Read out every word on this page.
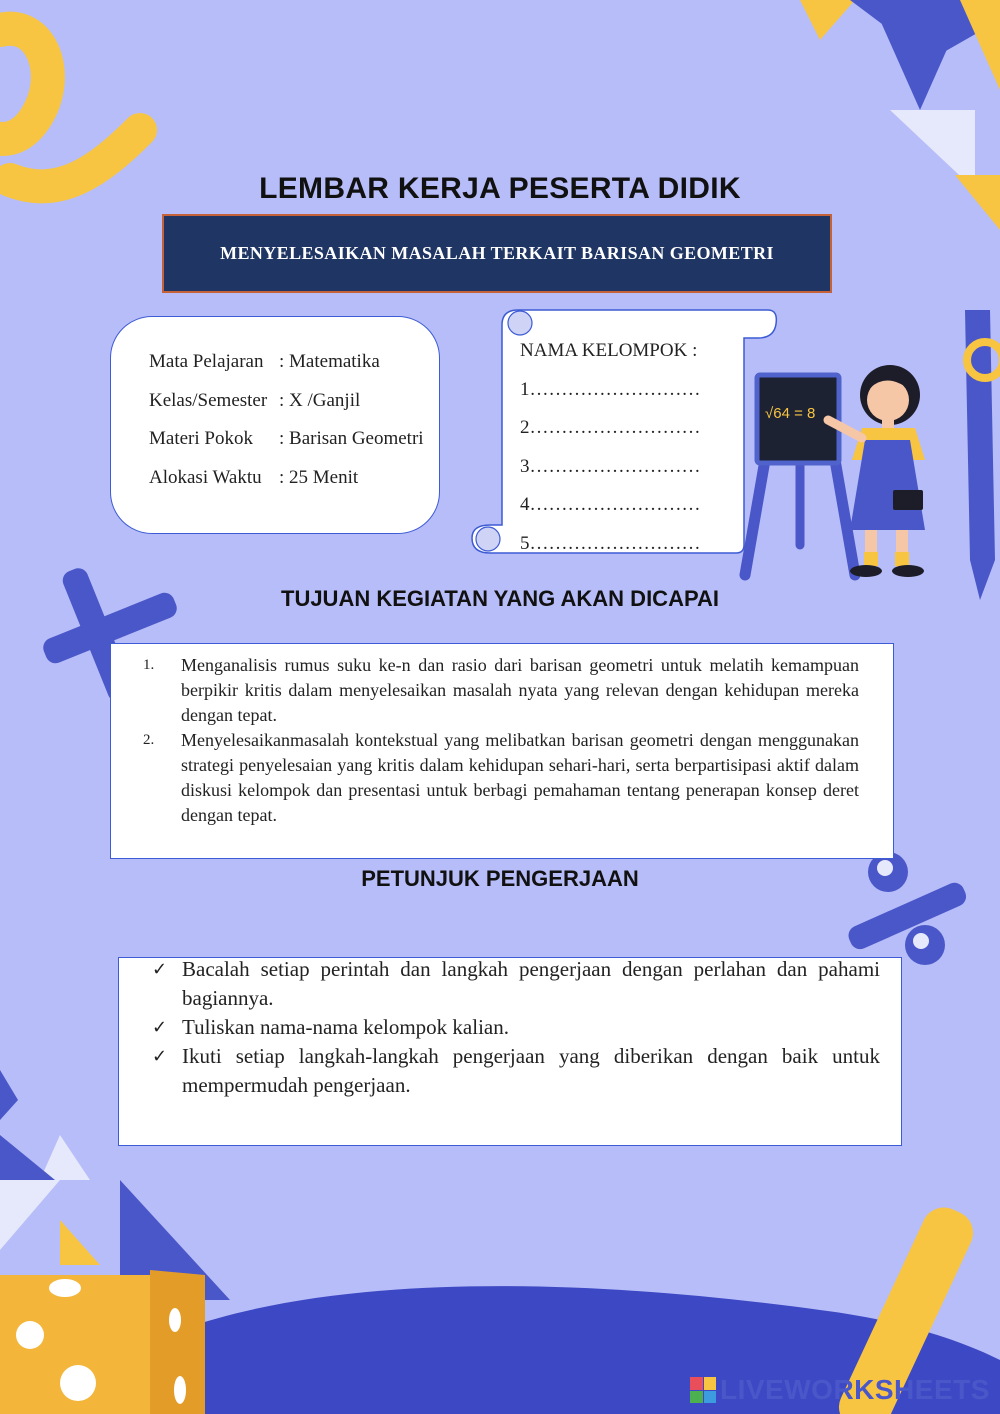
√64 = 8
LEMBAR KERJA PESERTA DIDIK
MENYELESAIKAN MASALAH TERKAIT BARISAN GEOMETRI
Mata Pelajaran : Matematika
Kelas/Semester : X /Ganjil
Materi Pokok : Barisan Geometri
Alokasi Waktu : 25 Menit
NAMA KELOMPOK :
1………………………
2………………………
3………………………
4………………………
5………………………
TUJUAN KEGIATAN YANG AKAN DICAPAI
1. Menganalisis rumus suku ke-n dan rasio dari barisan geometri untuk melatih kemampuan berpikir kritis dalam menyelesaikan masalah nyata yang relevan dengan kehidupan mereka dengan tepat.
2. Menyelesaikanmasalah kontekstual yang melibatkan barisan geometri dengan menggunakan strategi penyelesaian yang kritis dalam kehidupan sehari-hari, serta berpartisipasi aktif dalam diskusi kelompok dan presentasi untuk berbagi pemahaman tentang penerapan konsep deret dengan tepat.
PETUNJUK PENGERJAAN
✓ Bacalah setiap perintah dan langkah pengerjaan dengan perlahan dan pahami bagiannya.
✓ Tuliskan nama-nama kelompok kalian.
✓ Ikuti setiap langkah-langkah pengerjaan yang diberikan dengan baik untuk mempermudah pengerjaan.
LIVEWORKSHEETS
